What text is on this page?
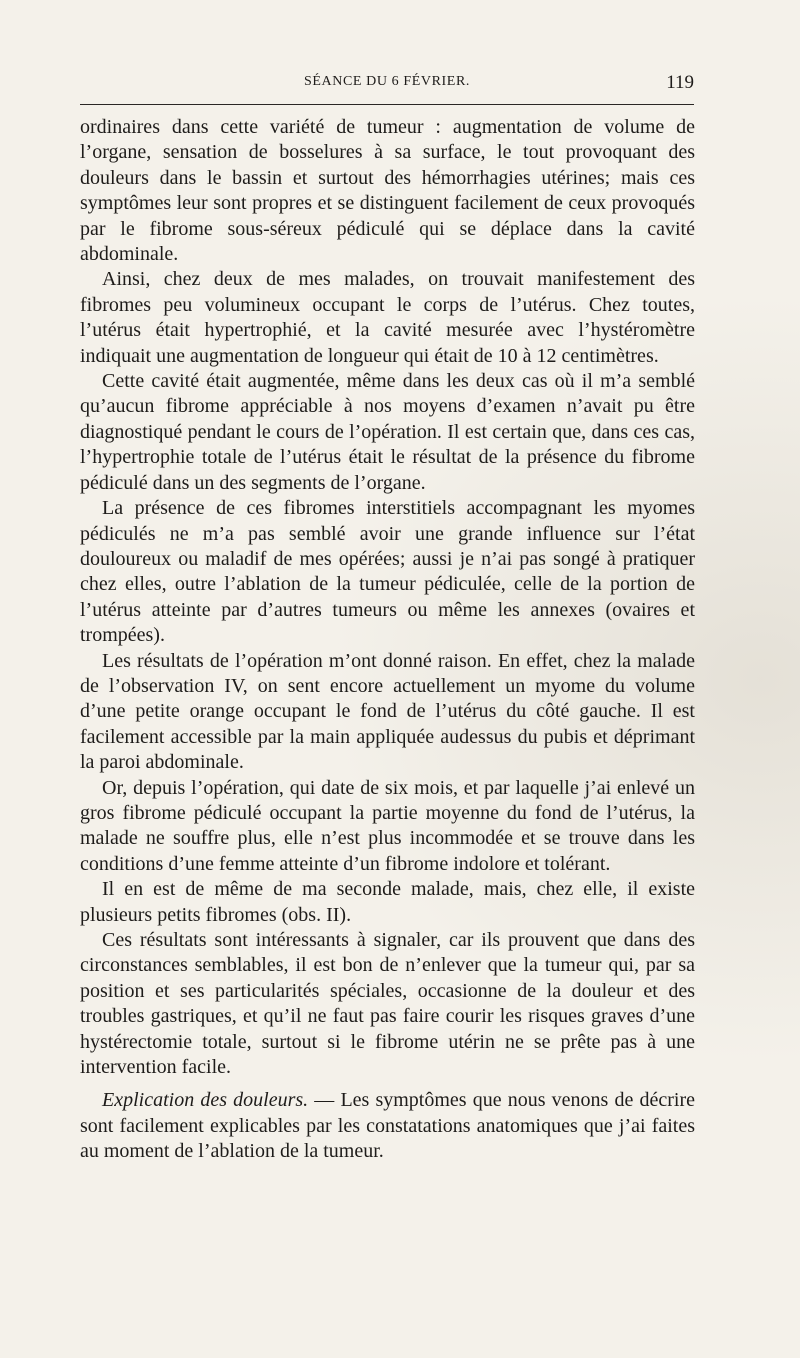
SÉANCE DU 6 FÉVRIER.	119

ordinaires dans cette variété de tumeur : augmentation de volume de l’organe, sensation de bosselures à sa surface, le tout provoquant des douleurs dans le bassin et surtout des hémorrhagies utérines; mais ces symptômes leur sont propres et se distinguent facilement de ceux provoqués par le fibrome sous-séreux pédiculé qui se déplace dans la cavité abdominale.

Ainsi, chez deux de mes malades, on trouvait manifestement des fibromes peu volumineux occupant le corps de l’utérus. Chez toutes, l’utérus était hypertrophié, et la cavité mesurée avec l’hystéromètre indiquait une augmentation de longueur qui était de 10 à 12 centimètres.

Cette cavité était augmentée, même dans les deux cas où il m’a semblé qu’aucun fibrome appréciable à nos moyens d’examen n’avait pu être diagnostiqué pendant le cours de l’opération. Il est certain que, dans ces cas, l’hypertrophie totale de l’utérus était le résultat de la présence du fibrome pédiculé dans un des segments de l’organe.

La présence de ces fibromes interstitiels accompagnant les myomes pédiculés ne m’a pas semblé avoir une grande influence sur l’état douloureux ou maladif de mes opérées; aussi je n’ai pas songé à pratiquer chez elles, outre l’ablation de la tumeur pédiculée, celle de la portion de l’utérus atteinte par d’autres tumeurs ou même les annexes (ovaires et trompées).

Les résultats de l’opération m’ont donné raison. En effet, chez la malade de l’observation IV, on sent encore actuellement un myome du volume d’une petite orange occupant le fond de l’utérus du côté gauche. Il est facilement accessible par la main appliquée audessus du pubis et déprimant la paroi abdominale.

Or, depuis l’opération, qui date de six mois, et par laquelle j’ai enlevé un gros fibrome pédiculé occupant la partie moyenne du fond de l’utérus, la malade ne souffre plus, elle n’est plus incommodée et se trouve dans les conditions d’une femme atteinte d’un fibrome indolore et tolérant.

Il en est de même de ma seconde malade, mais, chez elle, il existe plusieurs petits fibromes (obs. II).

Ces résultats sont intéressants à signaler, car ils prouvent que dans des circonstances semblables, il est bon de n’enlever que la tumeur qui, par sa position et ses particularités spéciales, occasionne de la douleur et des troubles gastriques, et qu’il ne faut pas faire courir les risques graves d’une hystérectomie totale, surtout si le fibrome utérin ne se prête pas à une intervention facile.

Explication des douleurs. — Les symptômes que nous venons de décrire sont facilement explicables par les constatations anatomiques que j’ai faites au moment de l’ablation de la tumeur.
